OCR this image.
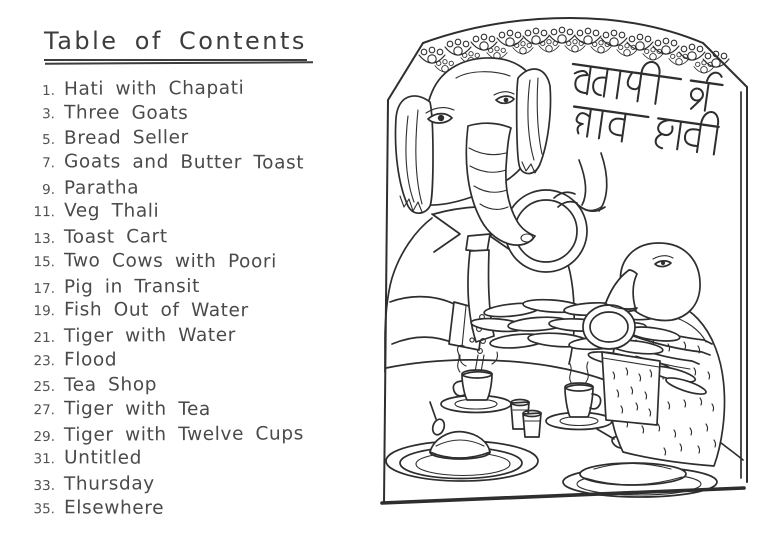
Table of Contents
1. Hati with Chapati
3. Three Goats
5. Bread Seller
7. Goats and Butter Toast
9. Paratha
11. Veg Thali
13. Toast Cart
15. Two Cows with Poori
17. Pig in Transit
19. Fish Out of Water
21. Tiger with Water
23. Flood
25. Tea Shop
27. Tiger with Tea
29. Tiger with Twelve Cups
31. Untitled
33. Thursday
35. Elsewhere
